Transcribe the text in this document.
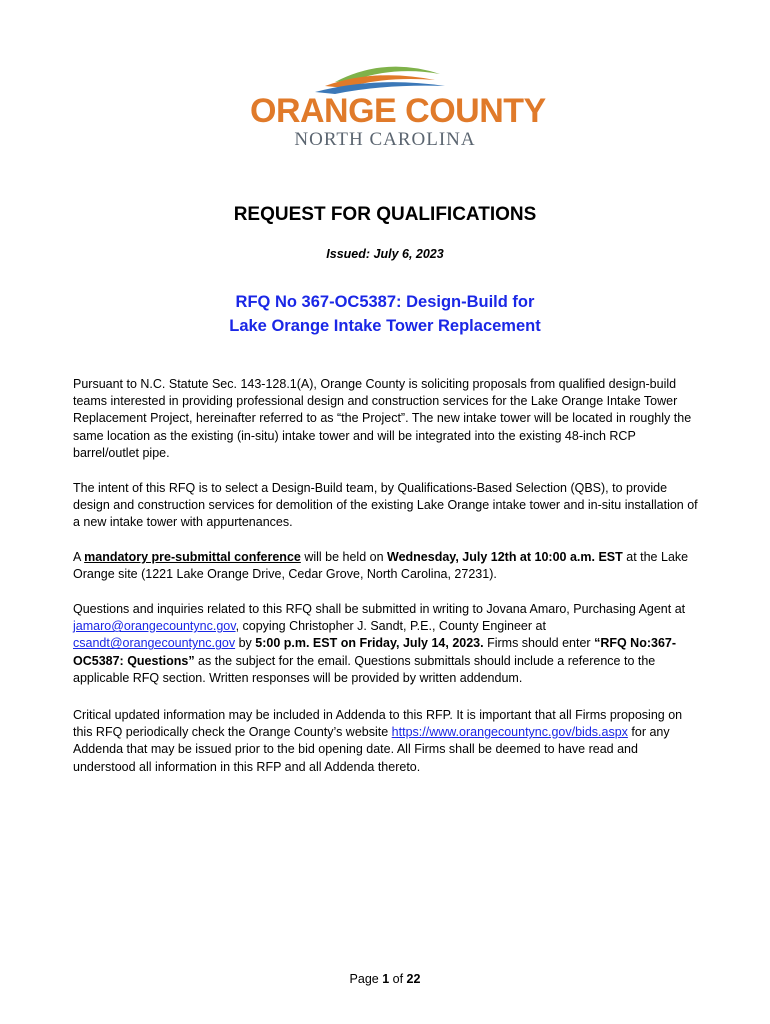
ORANGE COUNTY
NORTH CAROLINA
REQUEST FOR QUALIFICATIONS
Issued: July 6, 2023
RFQ No 367-OC5387: Design-Build for
Lake Orange Intake Tower Replacement
Pursuant to N.C. Statute Sec. 143-128.1(A), Orange County is soliciting proposals from qualified design-build teams interested in providing professional design and construction services for the Lake Orange Intake Tower Replacement Project, hereinafter referred to as “the Project”. The new intake tower will be located in roughly the same location as the existing (in-situ) intake tower and will be integrated into the existing 48-inch RCP barrel/outlet pipe.
The intent of this RFQ is to select a Design-Build team, by Qualifications-Based Selection (QBS), to provide design and construction services for demolition of the existing Lake Orange intake tower and in-situ installation of a new intake tower with appurtenances.
A mandatory pre-submittal conference will be held on Wednesday, July 12th at 10:00 a.m. EST at the Lake Orange site (1221 Lake Orange Drive, Cedar Grove, North Carolina, 27231).
Questions and inquiries related to this RFQ shall be submitted in writing to Jovana Amaro, Purchasing Agent at jamaro@orangecountync.gov, copying Christopher J. Sandt, P.E., County Engineer at csandt@orangecountync.gov by 5:00 p.m. EST on Friday, July 14, 2023. Firms should enter “RFQ No:367-OC5387: Questions” as the subject for the email. Questions submittals should include a reference to the applicable RFQ section. Written responses will be provided by written addendum.
Critical updated information may be included in Addenda to this RFP. It is important that all Firms proposing on this RFQ periodically check the Orange County’s website https://www.orangecountync.gov/bids.aspx for any Addenda that may be issued prior to the bid opening date. All Firms shall be deemed to have read and understood all information in this RFP and all Addenda thereto.
Page 1 of 22
